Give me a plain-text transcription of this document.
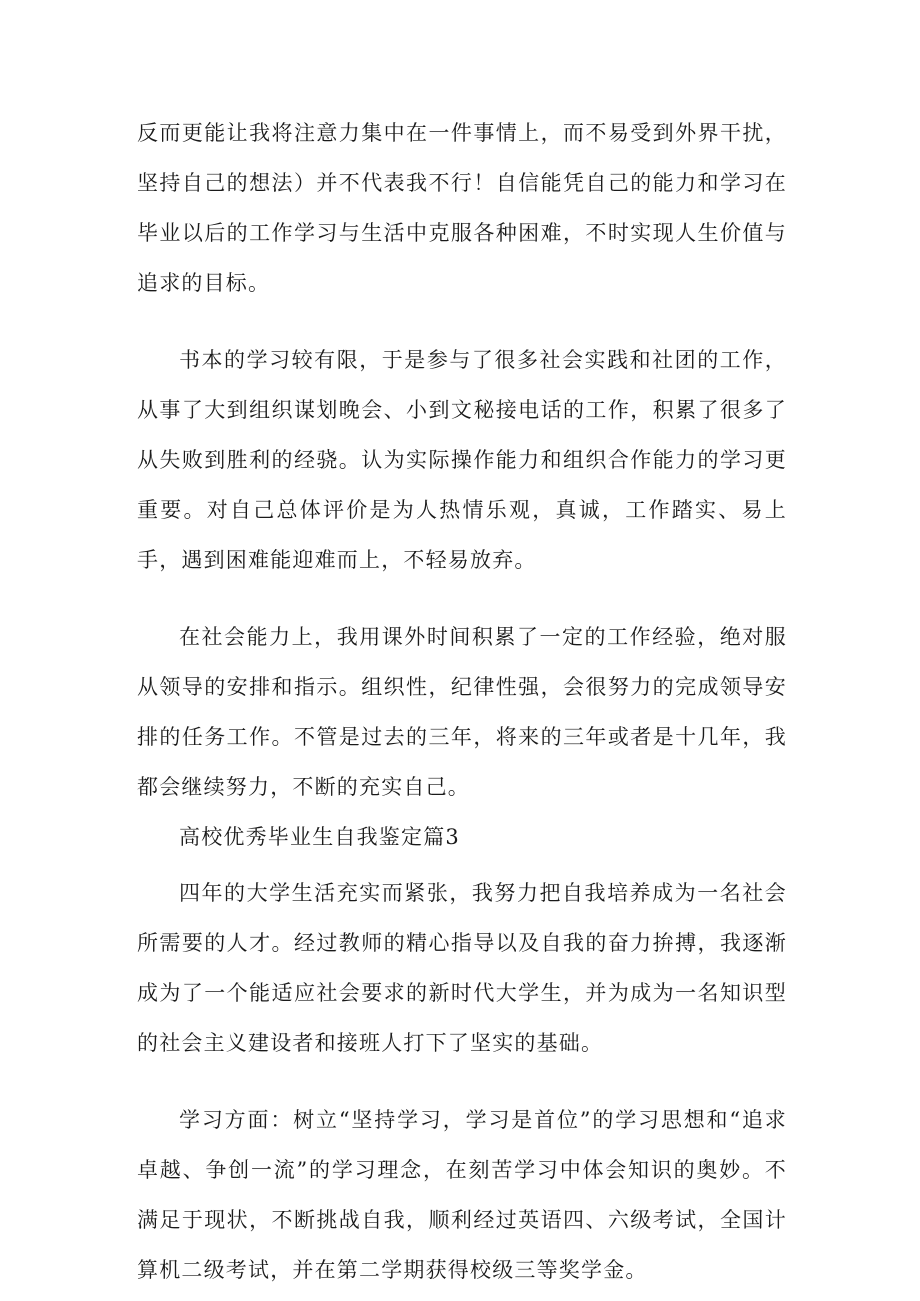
反而更能让我将注意力集中在一件事情上，而不易受到外界干扰，坚持自己的想法）并不代表我不行！自信能凭自己的能力和学习在毕业以后的工作学习与生活中克服各种困难，不时实现人生价值与追求的目标。

书本的学习较有限，于是参与了很多社会实践和社团的工作，从事了大到组织谋划晚会、小到文秘接电话的工作，积累了很多了从失败到胜利的经骁。认为实际操作能力和组织合作能力的学习更重要。对自己总体评价是为人热情乐观，真诚，工作踏实、易上手，遇到困难能迎难而上，不轻易放弃。

在社会能力上，我用课外时间积累了一定的工作经验，绝对服从领导的安排和指示。组织性，纪律性强，会很努力的完成领导安排的任务工作。不管是过去的三年，将来的三年或者是十几年，我都会继续努力，不断的充实自己。

高校优秀毕业生自我鉴定篇3

四年的大学生活充实而紧张，我努力把自我培养成为一名社会所需要的人才。经过教师的精心指导以及自我的奋力拚搏，我逐渐成为了一个能适应社会要求的新时代大学生，并为成为一名知识型的社会主义建设者和接班人打下了坚实的基础。

学习方面：树立“坚持学习，学习是首位”的学习思想和“追求卓越、争创一流”的学习理念，在刻苦学习中体会知识的奥妙。不满足于现状，不断挑战自我，顺利经过英语四、六级考试，全国计算机二级考试，并在第二学期获得校级三等奖学金。
